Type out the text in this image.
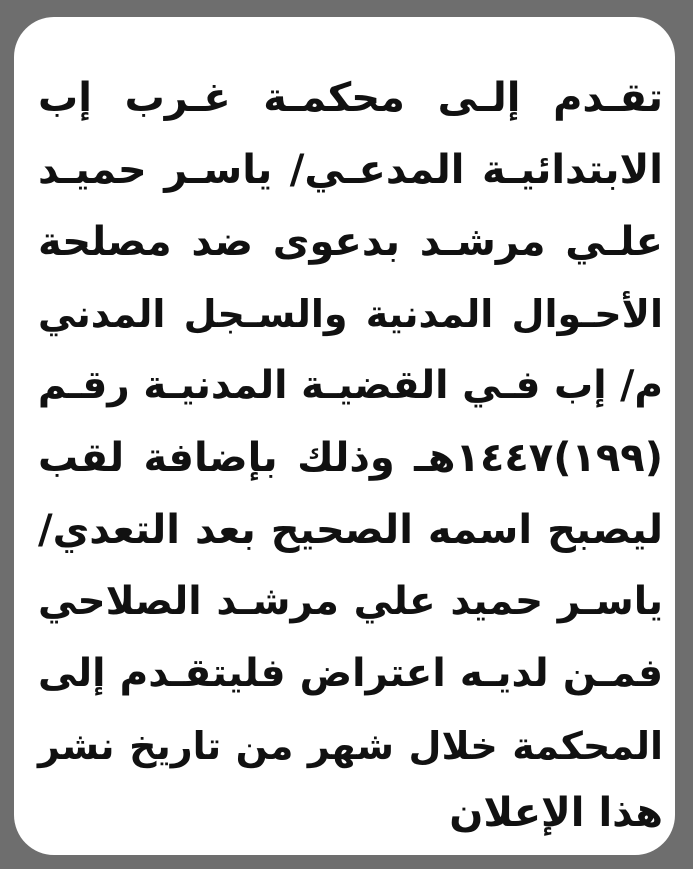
تقـدم إلـى محكمـة غـرب إب

الابتدائيـة المدعـي/ ياسـر حميـد

علـي مرشـد بدعوى ضد مصلحة

الأحـوال المدنية والسـجل المدني

م/ إب فـي القضيـة المدنيـة رقـم

(١٩٩)١٤٤٧هـ وذلك بإضافة لقب

ليصبح اسمه الصحيح بعد التعدي/

ياسـر حميد علي مرشـد الصلاحي

فمـن لديـه اعتراض فليتقـدم إلى

المحكمة خلال شهر من تاريخ نشر

هذا الإعلان
